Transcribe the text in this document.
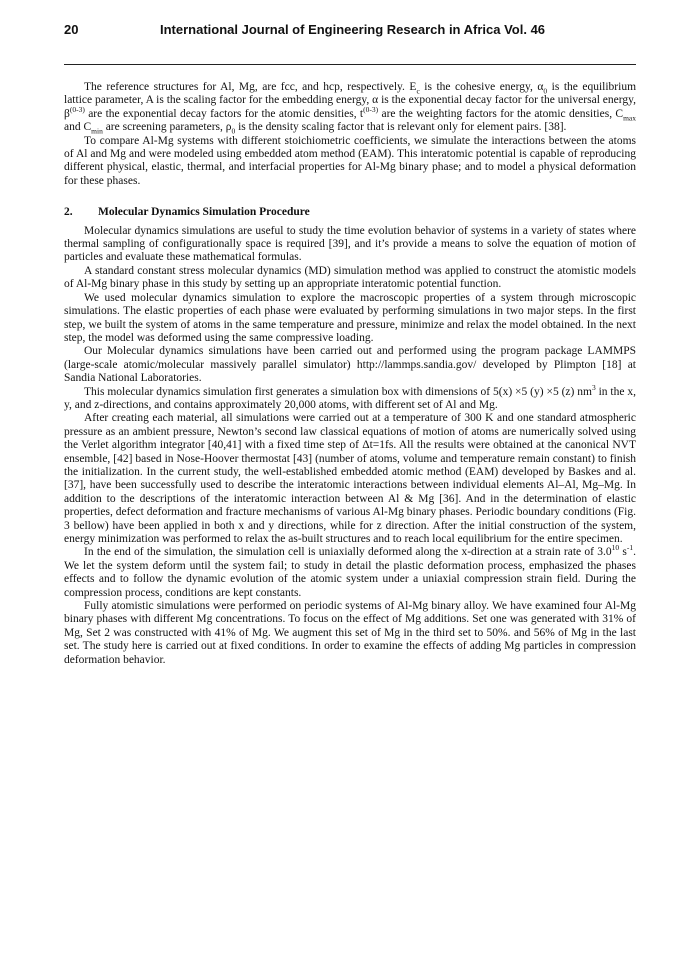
20	International Journal of Engineering Research in Africa Vol. 46

The reference structures for Al, Mg, are fcc, and hcp, respectively. $E_c$ is the cohesive energy, $\alpha_0$ is the equilibrium lattice parameter, A is the scaling factor for the embedding energy, α is the exponential decay factor for the universal energy, $\beta^{(0-3)}$ are the exponential decay factors for the atomic densities, $t^{(0-3)}$ are the weighting factors for the atomic densities, $C_{max}$ and $C_{min}$ are screening parameters, $\rho_0$ is the density scaling factor that is relevant only for element pairs. [38].

To compare Al-Mg systems with different stoichiometric coefficients, we simulate the interactions between the atoms of Al and Mg and were modeled using embedded atom method (EAM). This interatomic potential is capable of reproducing different physical, elastic, thermal, and interfacial properties for Al-Mg binary phase; and to model a physical deformation for these phases.

2. Molecular Dynamics Simulation Procedure

Molecular dynamics simulations are useful to study the time evolution behavior of systems in a variety of states where thermal sampling of configurationally space is required [39], and it’s provide a means to solve the equation of motion of particles and evaluate these mathematical formulas.

A standard constant stress molecular dynamics (MD) simulation method was applied to construct the atomistic models of Al-Mg binary phase in this study by setting up an appropriate interatomic potential function.

We used molecular dynamics simulation to explore the macroscopic properties of a system through microscopic simulations. The elastic properties of each phase were evaluated by performing simulations in two major steps. In the first step, we built the system of atoms in the same temperature and pressure, minimize and relax the model obtained. In the next step, the model was deformed using the same compressive loading.

Our Molecular dynamics simulations have been carried out and performed using the program package LAMMPS (large-scale atomic/molecular massively parallel simulator) http://lammps.sandia.gov/ developed by Plimpton [18] at Sandia National Laboratories.

This molecular dynamics simulation first generates a simulation box with dimensions of 5(x) ×5 (y) ×5 (z) $nm^3$ in the x, y, and z-directions, and contains approximately 20,000 atoms, with different set of Al and Mg.

After creating each material, all simulations were carried out at a temperature of 300 K and one standard atmospheric pressure as an ambient pressure, Newton’s second law classical equations of motion of atoms are numerically solved using the Verlet algorithm integrator [40,41] with a fixed time step of Δt=1fs. All the results were obtained at the canonical NVT ensemble, [42] based in Nose-Hoover thermostat [43] (number of atoms, volume and temperature remain constant) to finish the initialization. In the current study, the well-established embedded atomic method (EAM) developed by Baskes and al. [37], have been successfully used to describe the interatomic interactions between individual elements Al–Al, Mg–Mg. In addition to the descriptions of the interatomic interaction between Al & Mg [36]. And in the determination of elastic properties, defect deformation and fracture mechanisms of various Al-Mg binary phases. Periodic boundary conditions (Fig. 3 bellow) have been applied in both x and y directions, while for z direction. After the initial construction of the system, energy minimization was performed to relax the as-built structures and to reach local equilibrium for the entire specimen.

In the end of the simulation, the simulation cell is uniaxially deformed along the x-direction at a strain rate of $3.0^{10}$ $s^{-1}$. We let the system deform until the system fail; to study in detail the plastic deformation process, emphasized the phases effects and to follow the dynamic evolution of the atomic system under a uniaxial compression strain field. During the compression process, conditions are kept constants.

Fully atomistic simulations were performed on periodic systems of Al-Mg binary alloy. We have examined four Al-Mg binary phases with different Mg concentrations. To focus on the effect of Mg additions. Set one was generated with 31% of Mg, Set 2 was constructed with 41% of Mg. We augment this set of Mg in the third set to 50%. and 56% of Mg in the last set. The study here is carried out at fixed conditions. In order to examine the effects of adding Mg particles in compression deformation behavior.
